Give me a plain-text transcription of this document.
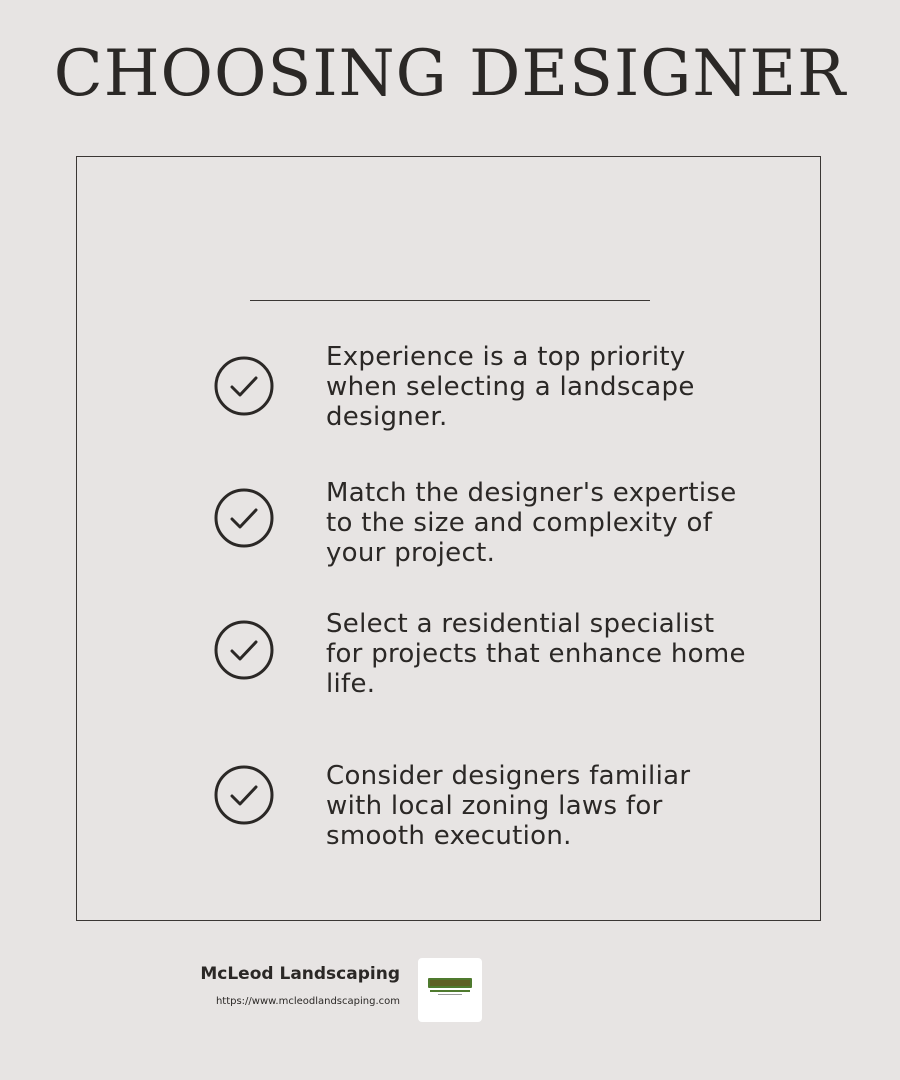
CHOOSING DESIGNER
Experience is a top priority when selecting a landscape designer.
Match the designer's expertise to the size and complexity of your project.
Select a residential specialist for projects that enhance home life.
Consider designers familiar with local zoning laws for smooth execution.
McLeod Landscaping
https://www.mcleodlandscaping.com
